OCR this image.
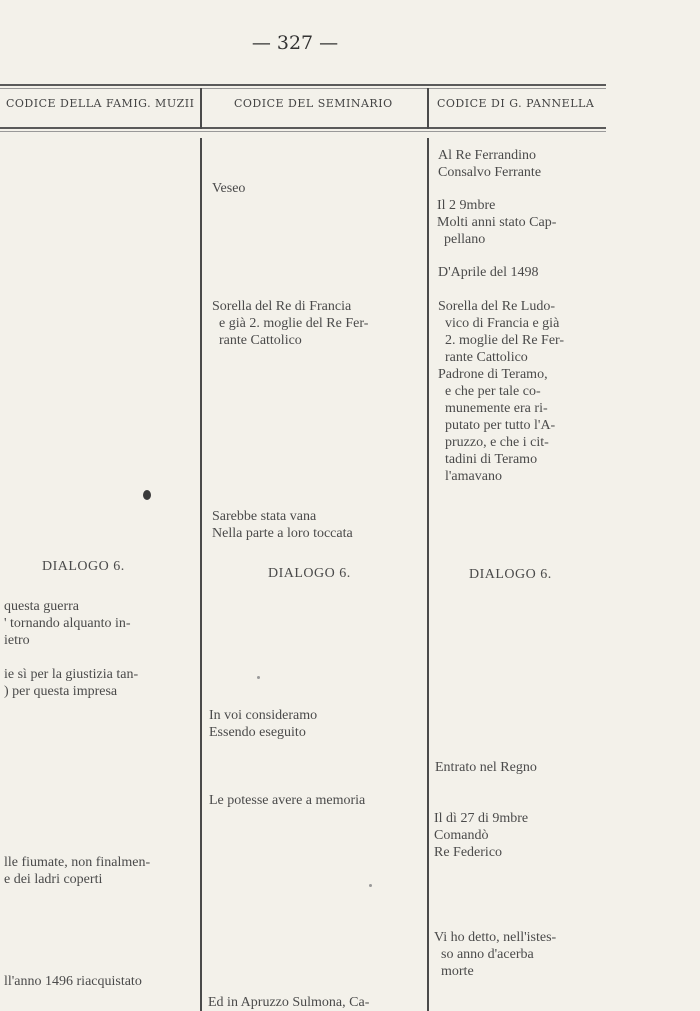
— 327 —
CODICE DELLA FAMIG. MUZII	CODICE DEL SEMINARIO	CODICE DI G. PANNELLA
DIALOGO 6.
questa guerra
' tornando alquanto in-
ietro
ie sì per la giustizia tan-
) per questa impresa
lle fiumate, non finalmen-
e dei ladri coperti
ll'anno 1496 riacquistato
Veseo
Sorella del Re di Francia
e già 2. moglie del Re Fer-
rante Cattolico
Sarebbe stata vana
Nella parte a loro toccata
DIALOGO 6.
In voi consideramo
Essendo eseguito
Le potesse avere a memoria
Ed in Apruzzo Sulmona, Ca-
Al Re Ferrandino
Consalvo Ferrante
Il 2 9mbre
Molti anni stato Cap-
pellano
D'Aprile del 1498
Sorella del Re Ludo-
vico di Francia e già
2. moglie del Re Fer-
rante Cattolico
Padrone di Teramo,
e che per tale co-
munemente era ri-
putato per tutto l'A-
pruzzo, e che i cit-
tadini di Teramo
l'amavano
DIALOGO 6.
Entrato nel Regno
Il dì 27 di 9mbre
Comandò
Re Federico
Vi ho detto, nell'istes-
so anno d'acerba
morte
